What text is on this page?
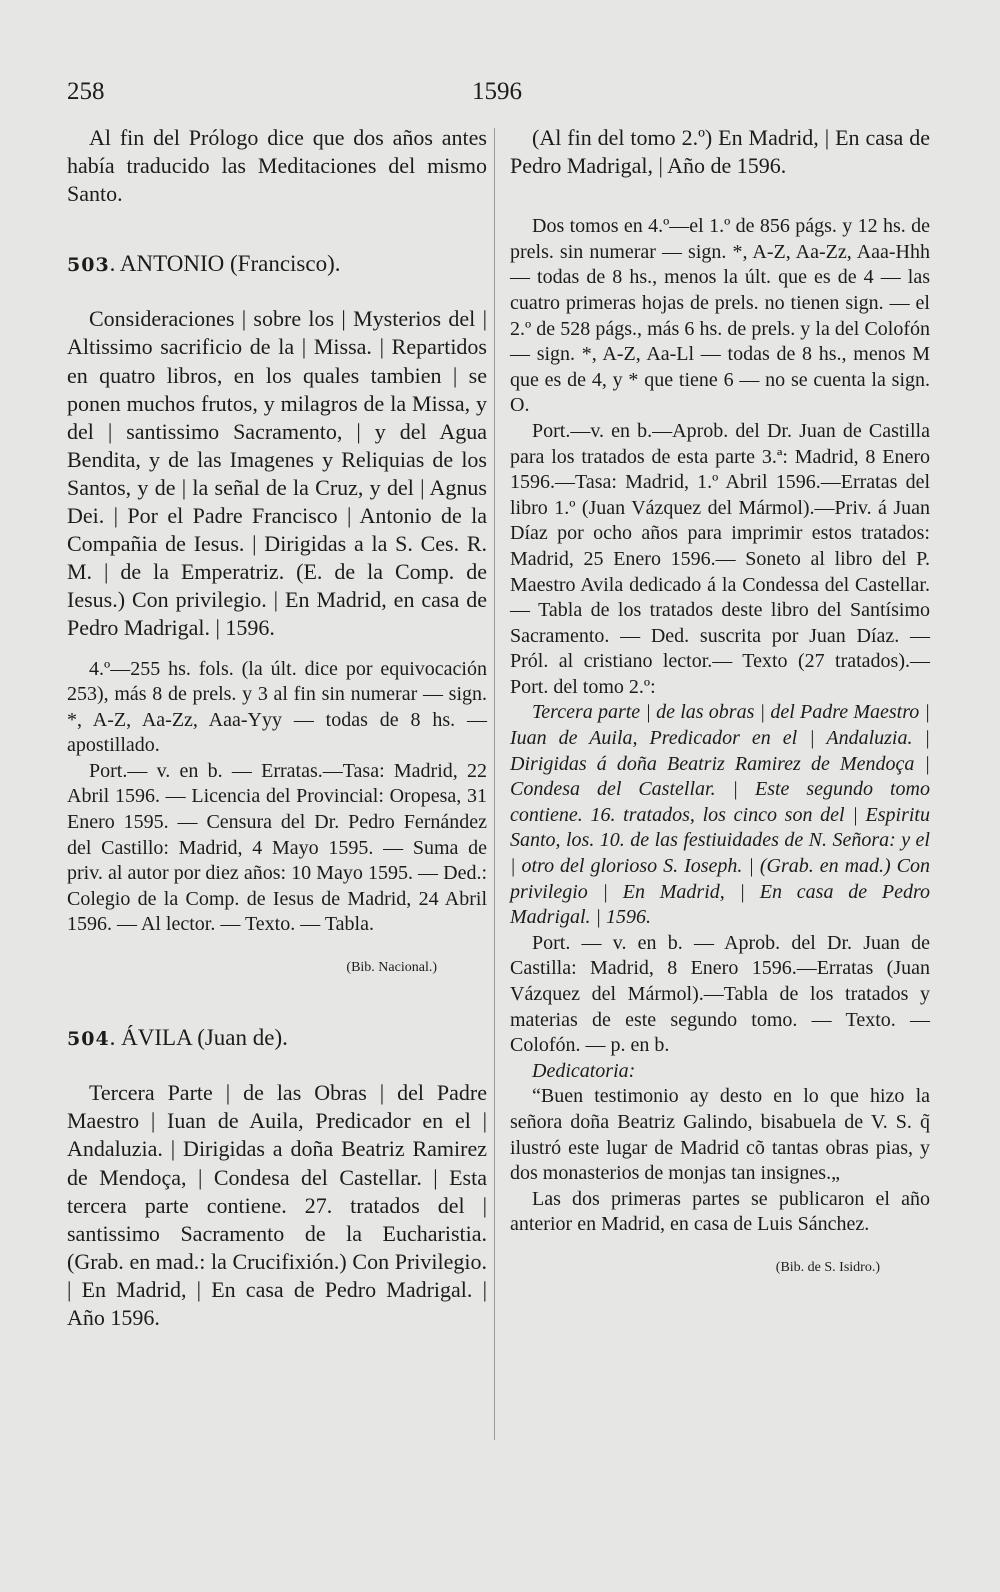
258	1596

Al fin del Prólogo dice que dos años antes había traducido las Meditaciones del mismo Santo.

503. ANTONIO (Francisco).

Consideraciones | sobre los | Mysterios del | Altissimo sacrificio de la | Missa. | Repartidos en quatro libros, en los quales tambien | se ponen muchos frutos, y milagros de la Missa, y del | santissimo Sacramento, | y del Agua Bendita, y de las Imagenes y Reliquias de los Santos, y de | la señal de la Cruz, y del | Agnus Dei. | Por el Padre Francisco | Antonio de la Compañia de Iesus. | Dirigidas a la S. Ces. R. M. | de la Emperatriz. (E. de la Comp. de Iesus.) Con privilegio. | En Madrid, en casa de Pedro Madrigal. | 1596.

4.º—255 hs. fols. (la últ. dice por equivocación 253), más 8 de prels. y 3 al fin sin numerar — sign. *, A-Z, Aa-Zz, Aaa-Yyy — todas de 8 hs. — apostillado.

Port.— v. en b. — Erratas.—Tasa: Madrid, 22 Abril 1596. — Licencia del Provincial: Oropesa, 31 Enero 1595. — Censura del Dr. Pedro Fernández del Castillo: Madrid, 4 Mayo 1595. — Suma de priv. al autor por diez años: 10 Mayo 1595. — Ded.: Colegio de la Comp. de Iesus de Madrid, 24 Abril 1596. — Al lector. — Texto. — Tabla.

(Bib. Nacional.)

504. ÁVILA (Juan de).

Tercera Parte | de las Obras | del Padre Maestro | Iuan de Auila, Predicador en el | Andaluzia. | Dirigidas a doña Beatriz Ramirez de Mendoça, | Condesa del Castellar. | Esta tercera parte contiene. 27. tratados del | santissimo Sacramento de la Eucharistia. (Grab. en mad.: la Crucifixión.) Con Privilegio. | En Madrid, | En casa de Pedro Madrigal. | Año 1596.

(Al fin del tomo 2.º) En Madrid, | En casa de Pedro Madrigal, | Año de 1596.

Dos tomos en 4.º—el 1.º de 856 págs. y 12 hs. de prels. sin numerar — sign. *, A-Z, Aa-Zz, Aaa-Hhh — todas de 8 hs., menos la últ. que es de 4 — las cuatro primeras hojas de prels. no tienen sign. — el 2.º de 528 págs., más 6 hs. de prels. y la del Colofón — sign. *, A-Z, Aa-Ll — todas de 8 hs., menos M que es de 4, y * que tiene 6 — no se cuenta la sign. O.

Port.—v. en b.—Aprob. del Dr. Juan de Castilla para los tratados de esta parte 3.ª: Madrid, 8 Enero 1596.—Tasa: Madrid, 1.º Abril 1596.—Erratas del libro 1.º (Juan Vázquez del Mármol).—Priv. á Juan Díaz por ocho años para imprimir estos tratados: Madrid, 25 Enero 1596.— Soneto al libro del P. Maestro Avila dedicado á la Condessa del Castellar. — Tabla de los tratados deste libro del Santísimo Sacramento. — Ded. suscrita por Juan Díaz. — Pról. al cristiano lector.— Texto (27 tratados).—Port. del tomo 2.º:

Tercera parte | de las obras | del Padre Maestro | Iuan de Auila, Predicador en el | Andaluzia. | Dirigidas á doña Beatriz Ramirez de Mendoça | Condesa del Castellar. | Este segundo tomo contiene. 16. tratados, los cinco son del | Espiritu Santo, los. 10. de las festiuidades de N. Señora: y el | otro del glorioso S. Ioseph. | (Grab. en mad.) Con privilegio | En Madrid, | En casa de Pedro Madrigal. | 1596.

Port. — v. en b. — Aprob. del Dr. Juan de Castilla: Madrid, 8 Enero 1596.—Erratas (Juan Vázquez del Mármol).—Tabla de los tratados y materias de este segundo tomo. — Texto. — Colofón. — p. en b.

Dedicatoria:

“Buen testimonio ay desto en lo que hizo la señora doña Beatriz Galindo, bisabuela de V. S. q̃ ilustró este lugar de Madrid cõ tantas obras pias, y dos monasterios de monjas tan insignes.„

Las dos primeras partes se publicaron el año anterior en Madrid, en casa de Luis Sánchez.

(Bib. de S. Isidro.)
